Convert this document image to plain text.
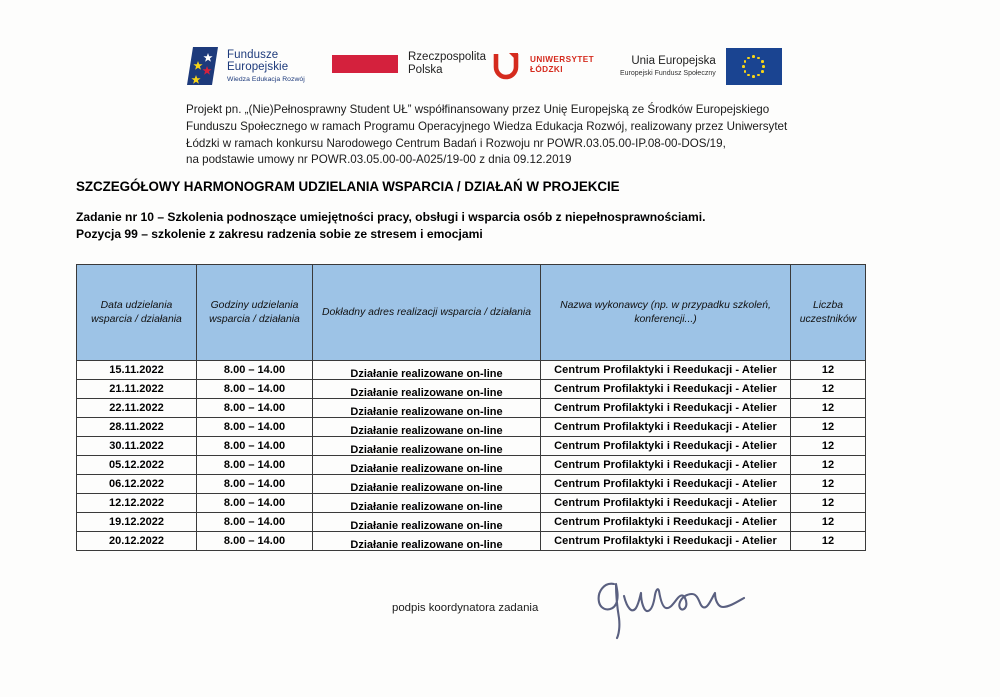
Fundusze
Europejskie
Wiedza Edukacja Rozwój
Rzeczpospolita
Polska
UNIWERSYTET
ŁÓDZKI
Unia Europejska
Europejski Fundusz Społeczny
Projekt pn. „(Nie)Pełnosprawny Student UŁ” współfinansowany przez Unię Europejską ze Środków Europejskiego
Funduszu Społecznego w ramach Programu Operacyjnego Wiedza Edukacja Rozwój, realizowany przez Uniwersytet
Łódzki w ramach konkursu Narodowego Centrum Badań i Rozwoju nr POWR.03.05.00-IP.08-00-DOS/19,
na podstawie umowy nr POWR.03.05.00-00-A025/19-00 z dnia 09.12.2019
SZCZEGÓŁOWY HARMONOGRAM UDZIELANIA WSPARCIA / DZIAŁAŃ W PROJEKCIE
Zadanie nr 10 – Szkolenia podnoszące umiejętności pracy, obsługi i wsparcia osób z niepełnosprawnościami.
Pozycja 99 – szkolenie z zakresu radzenia sobie ze stresem i emocjami
Data udzielania wsparcia / działania	Godziny udzielania wsparcia / działania	Dokładny adres realizacji wsparcia / działania	Nazwa wykonawcy (np. w przypadku szkoleń, konferencji...)	Liczba uczestników
15.11.2022	8.00 – 14.00	Działanie realizowane on-line	Centrum Profilaktyki i Reedukacji - Atelier	12
21.11.2022	8.00 – 14.00	Działanie realizowane on-line	Centrum Profilaktyki i Reedukacji - Atelier	12
22.11.2022	8.00 – 14.00	Działanie realizowane on-line	Centrum Profilaktyki i Reedukacji - Atelier	12
28.11.2022	8.00 – 14.00	Działanie realizowane on-line	Centrum Profilaktyki i Reedukacji - Atelier	12
30.11.2022	8.00 – 14.00	Działanie realizowane on-line	Centrum Profilaktyki i Reedukacji - Atelier	12
05.12.2022	8.00 – 14.00	Działanie realizowane on-line	Centrum Profilaktyki i Reedukacji - Atelier	12
06.12.2022	8.00 – 14.00	Działanie realizowane on-line	Centrum Profilaktyki i Reedukacji - Atelier	12
12.12.2022	8.00 – 14.00	Działanie realizowane on-line	Centrum Profilaktyki i Reedukacji - Atelier	12
19.12.2022	8.00 – 14.00	Działanie realizowane on-line	Centrum Profilaktyki i Reedukacji - Atelier	12
20.12.2022	8.00 – 14.00	Działanie realizowane on-line	Centrum Profilaktyki i Reedukacji - Atelier	12
podpis koordynatora zadania
